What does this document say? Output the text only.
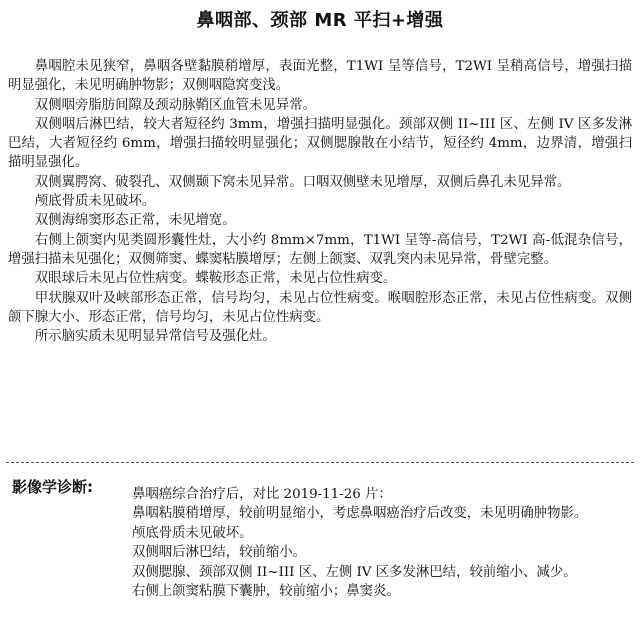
鼻咽部、颈部 MR 平扫+增强

鼻咽腔未见狭窄，鼻咽各壁黏膜稍增厚，表面光整，T1WI 呈等信号，T2WI 呈稍高信号，增强扫描明显强化，未见明确肿物影；双侧咽隐窝变浅。

双侧咽旁脂肪间隙及颈动脉鞘区血管未见异常。

双侧咽后淋巴结，较大者短径约 3mm，增强扫描明显强化。颈部双侧 II~III 区、左侧 IV 区多发淋巴结，大者短径约 6mm，增强扫描较明显强化；双侧腮腺散在小结节，短径约 4mm，边界清，增强扫描明显强化。

双侧翼腭窝、破裂孔、双侧颞下窝未见异常。口咽双侧壁未见增厚，双侧后鼻孔未见异常。

颅底骨质未见破坏。

双侧海绵窦形态正常，未见增宽。

右侧上颌窦内见类圆形囊性灶，大小约 8mm×7mm，T1WI 呈等-高信号，T2WI 高-低混杂信号，增强扫描未见强化；双侧筛窦、蝶窦粘膜增厚；左侧上颌窦、双乳突内未见异常，骨壁完整。

双眼球后未见占位性病变。蝶鞍形态正常，未见占位性病变。

甲状腺双叶及峡部形态正常，信号均匀，未见占位性病变。喉咽腔形态正常，未见占位性病变。双侧颌下腺大小、形态正常，信号均匀，未见占位性病变。

所示脑实质未见明显异常信号及强化灶。

影像学诊断:	鼻咽癌综合治疗后，对比 2019-11-26 片：
鼻咽粘膜稍增厚，较前明显缩小，考虑鼻咽癌治疗后改变，未见明确肿物影。
颅底骨质未见破坏。
双侧咽后淋巴结，较前缩小。
双侧腮腺、颈部双侧 II~III 区、左侧 IV 区多发淋巴结，较前缩小、减少。
右侧上颌窦粘膜下囊肿，较前缩小；鼻窦炎。
